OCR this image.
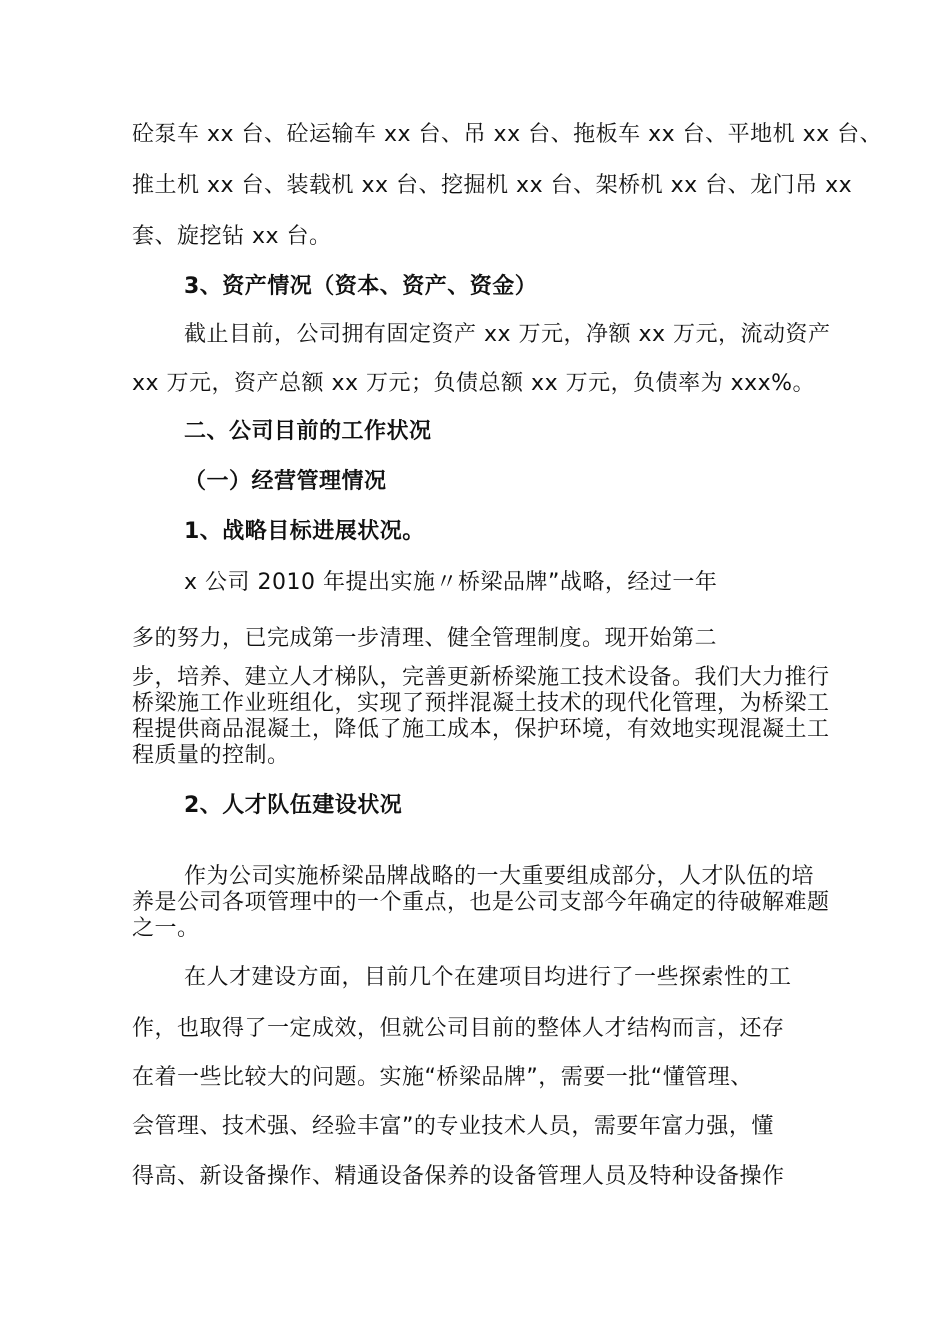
砼泵车 xx 台、砼运输车 xx 台、吊 xx 台、拖板车 xx 台、平地机 xx 台、
推土机 xx 台、装载机 xx 台、挖掘机 xx 台、架桥机 xx 台、龙门吊 xx
套、旋挖钻 xx 台。
3、资产情况（资本、资产、资金）
截止目前，公司拥有固定资产 xx 万元，净额 xx 万元，流动资产
xx 万元，资产总额 xx 万元；负债总额 xx 万元，负债率为 xxx%。
二、公司目前的工作状况
（一）经营管理情况
1、战略目标进展状况。
x 公司 2010 年提出实施〃桥梁品牌”战略，经过一年
多的努力，已完成第一步清理、健全管理制度。现开始第二
步，培养、建立人才梯队，完善更新桥梁施工技术设备。我们大力推行桥梁施工作业班组化，实现了预拌混凝土技术的现代化管理，为桥梁工程提供商品混凝土，降低了施工成本，保护环境，有效地实现混凝土工程质量的控制。
2、人才队伍建设状况
作为公司实施桥梁品牌战略的一大重要组成部分，人才队伍的培养是公司各项管理中的一个重点，也是公司支部今年确定的待破解难题之一。
在人才建设方面，目前几个在建项目均进行了一些探索性的工
作，也取得了一定成效，但就公司目前的整体人才结构而言，还存
在着一些比较大的问题。实施“桥梁品牌”，需要一批“懂管理、
会管理、技术强、经验丰富”的专业技术人员，需要年富力强，懂
得高、新设备操作、精通设备保养的设备管理人员及特种设备操作
